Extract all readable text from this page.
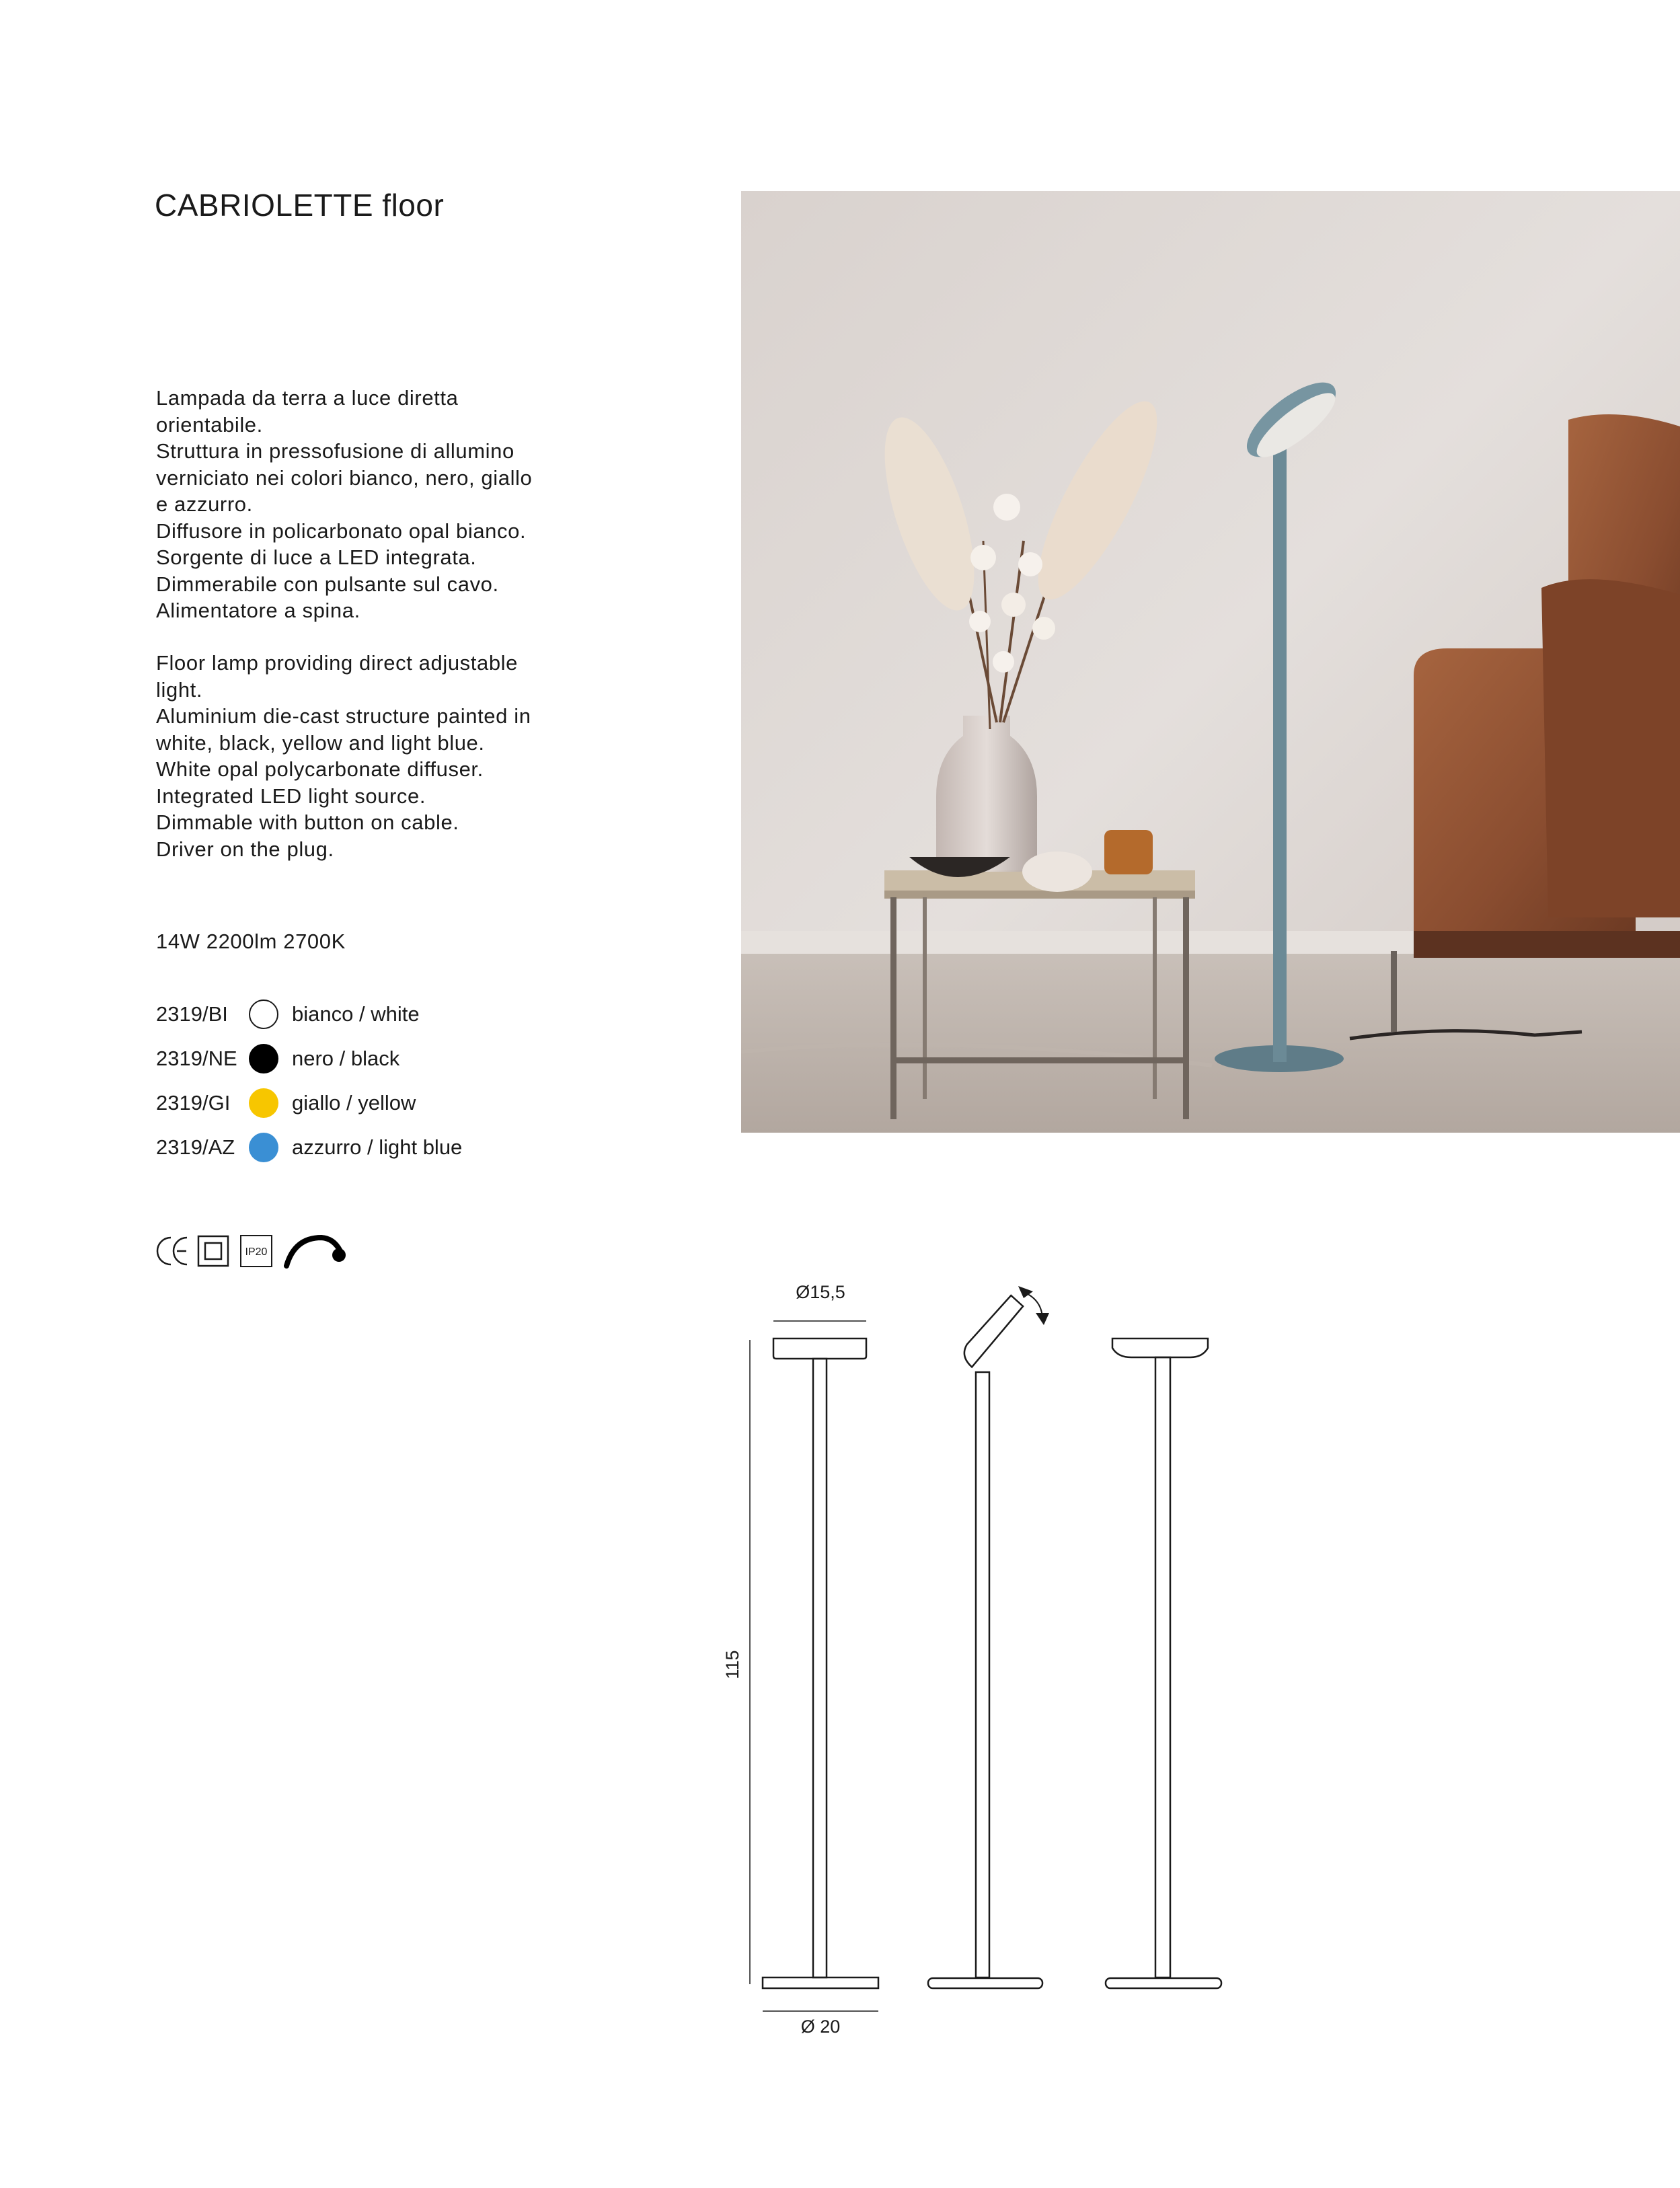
CABRIOLETTE floor

Lampada da terra a luce diretta

orientabile.

Struttura in pressofusione di allumino

verniciato nei colori bianco, nero, giallo

e azzurro.

Diffusore in policarbonato opal bianco.

Sorgente di luce a LED integrata.

Dimmerabile con pulsante sul cavo.

Alimentatore a spina.

Floor lamp providing direct adjustable

light.

Aluminium die-cast structure painted in

white, black, yellow and light blue.

White opal polycarbonate diffuser.

Integrated LED light source.

Dimmable with button on cable.

Driver on the plug.

14W 2200lm 2700K
2319/BI	bianco / white
2319/NE	nero / black
2319/GI	giallo / yellow
2319/AZ	azzurro / light blue
IP20
Ø15,5
115
Ø 20
